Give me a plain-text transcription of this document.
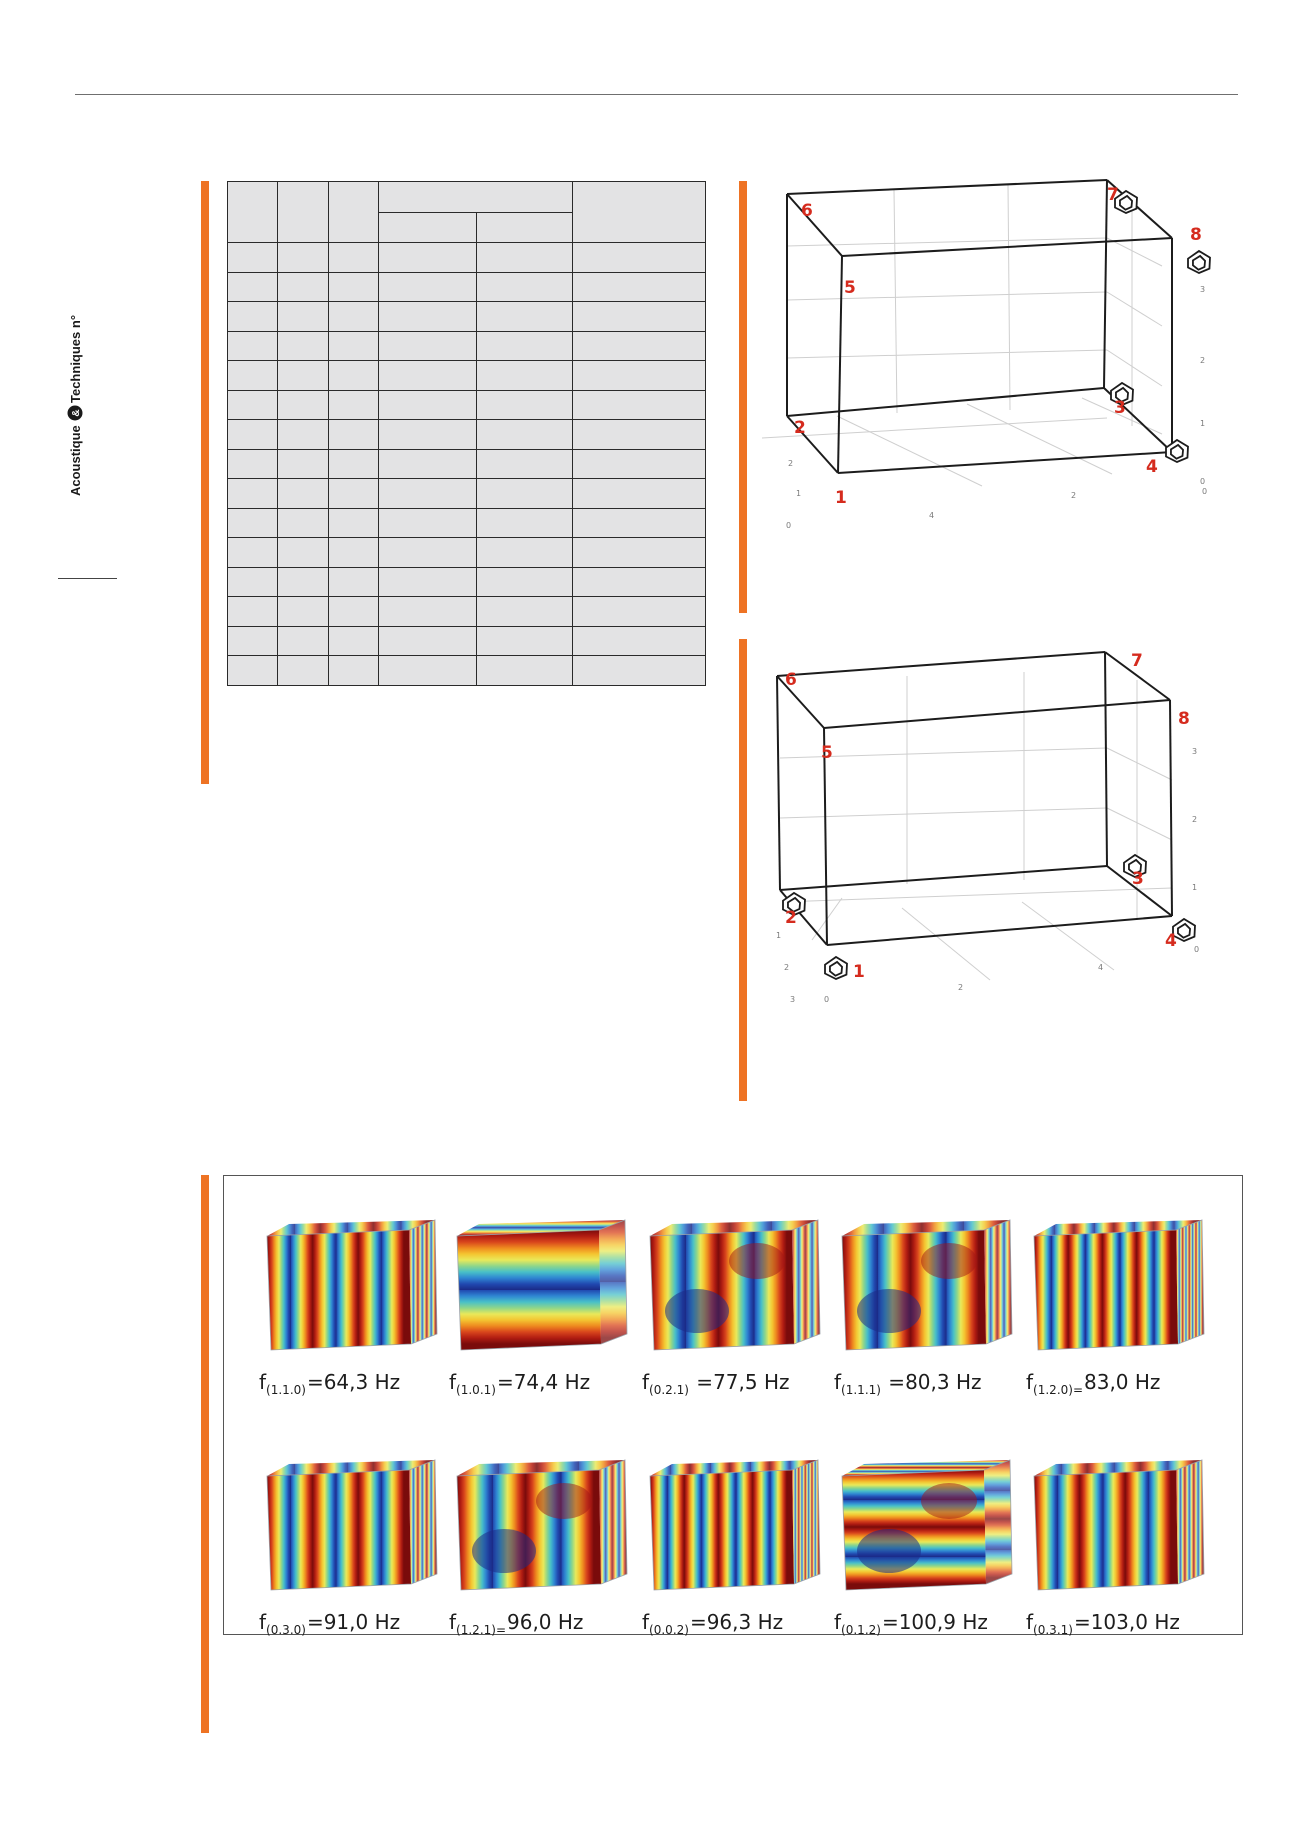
Acoustique
&
Techniques n°

0
1
2
3
4
2	0
0
1
2
1
2
3
4
5
6
7
8
0
1
2
3
0
2
4
1
2
3
1
2
3
4
5
6
7
8
$f_{(1.1.0)}=64,3$ Hz	$f_{(1.0.1)}=74,4$ Hz	$f_{(0.2.1)} =77,5$ Hz	$f_{(1.1.1)} =80,3$ Hz	$f_{(1.2.0)=}83,0$ Hz
$f_{(0.3.0)}=91,0$ Hz	$f_{(1.2.1)=}96,0$ Hz	$f_{(0.0.2)}=96,3$ Hz	$f_{(0.1.2)}=100,9$ Hz	$f_{(0.3.1)}=103,0$ Hz
